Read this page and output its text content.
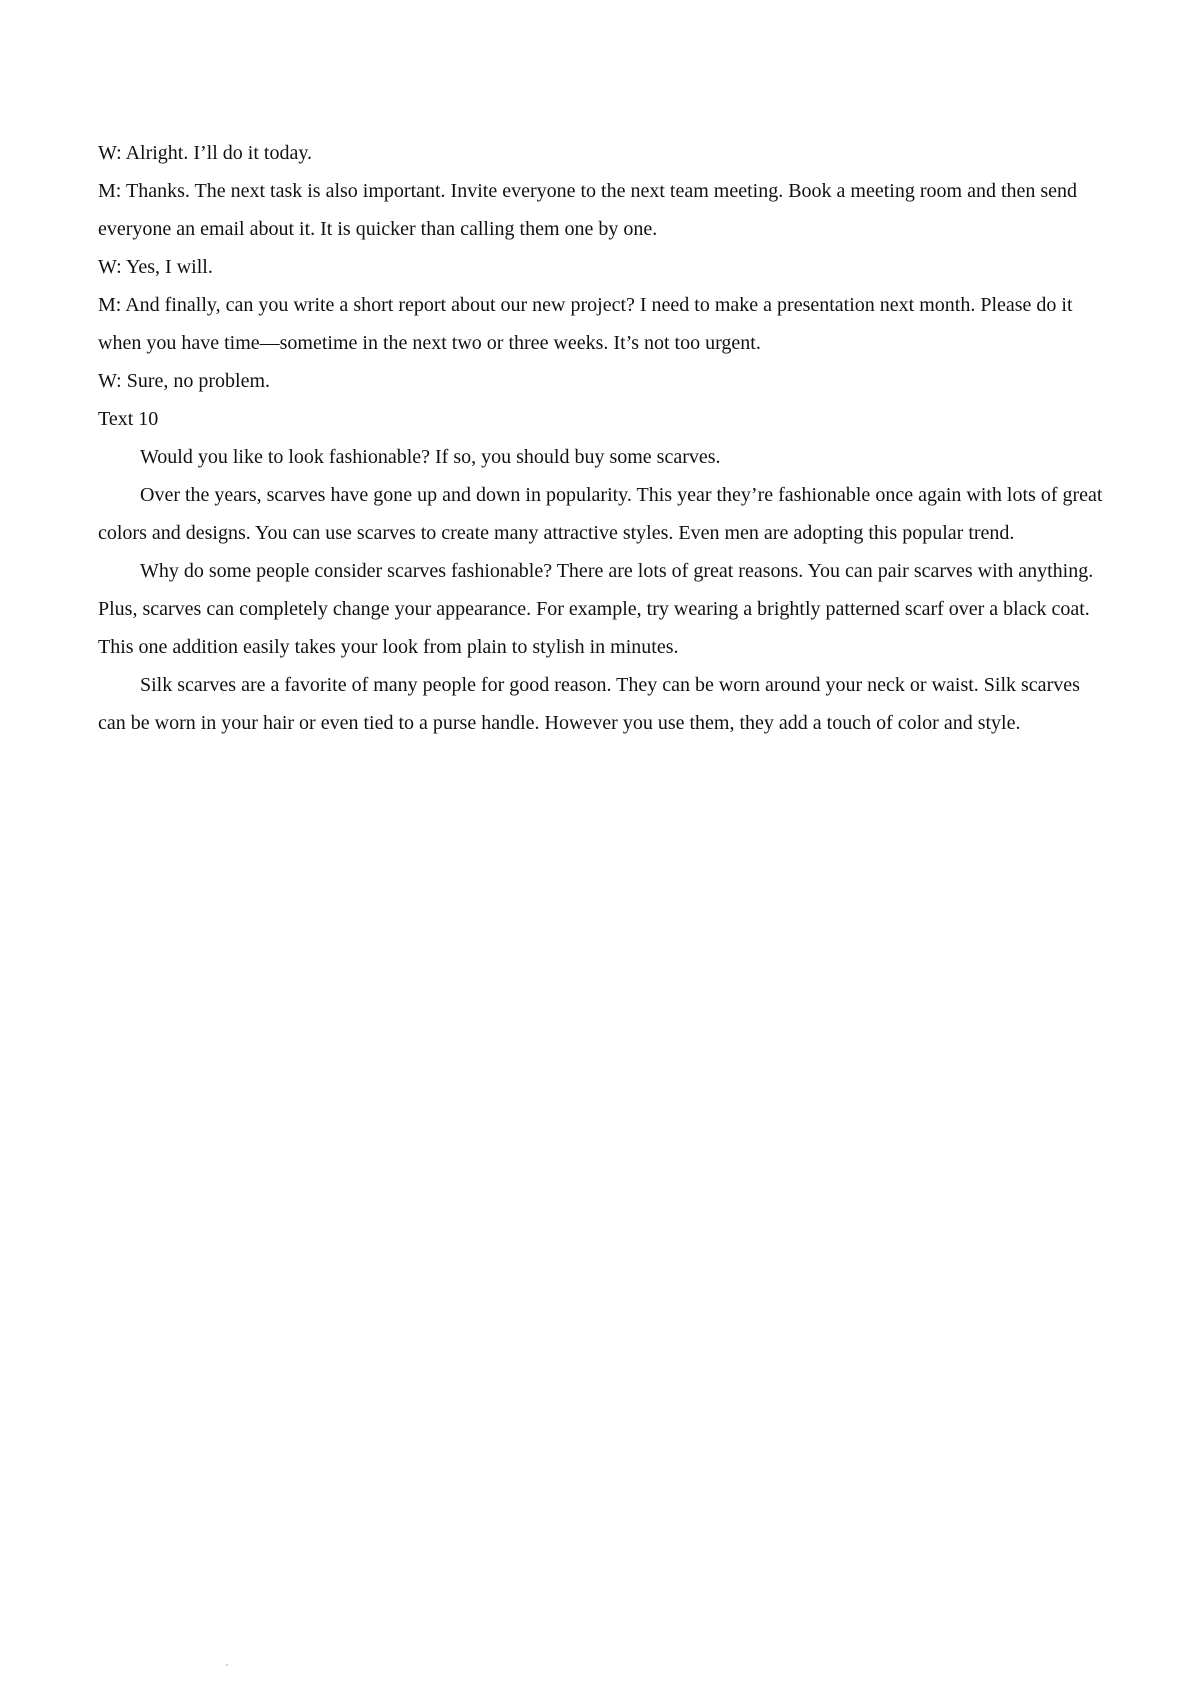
W: Alright. I’ll do it today.

M: Thanks. The next task is also important. Invite everyone to the next team meeting. Book a meeting room and then send everyone an email about it. It is quicker than calling them one by one.

W: Yes, I will.

M: And finally, can you write a short report about our new project? I need to make a presentation next month. Please do it when you have time—sometime in the next two or three weeks. It’s not too urgent.

W: Sure, no problem.

Text 10

Would you like to look fashionable? If so, you should buy some scarves.

Over the years, scarves have gone up and down in popularity. This year they’re fashionable once again with lots of great colors and designs. You can use scarves to create many attractive styles. Even men are adopting this popular trend.

Why do some people consider scarves fashionable? There are lots of great reasons. You can pair scarves with anything. Plus, scarves can completely change your appearance. For example, try wearing a brightly patterned scarf over a black coat. This one addition easily takes your look from plain to stylish in minutes.

Silk scarves are a favorite of many people for good reason. They can be worn around your neck or waist. Silk scarves can be worn in your hair or even tied to a purse handle. However you use them, they add a touch of color and style.
